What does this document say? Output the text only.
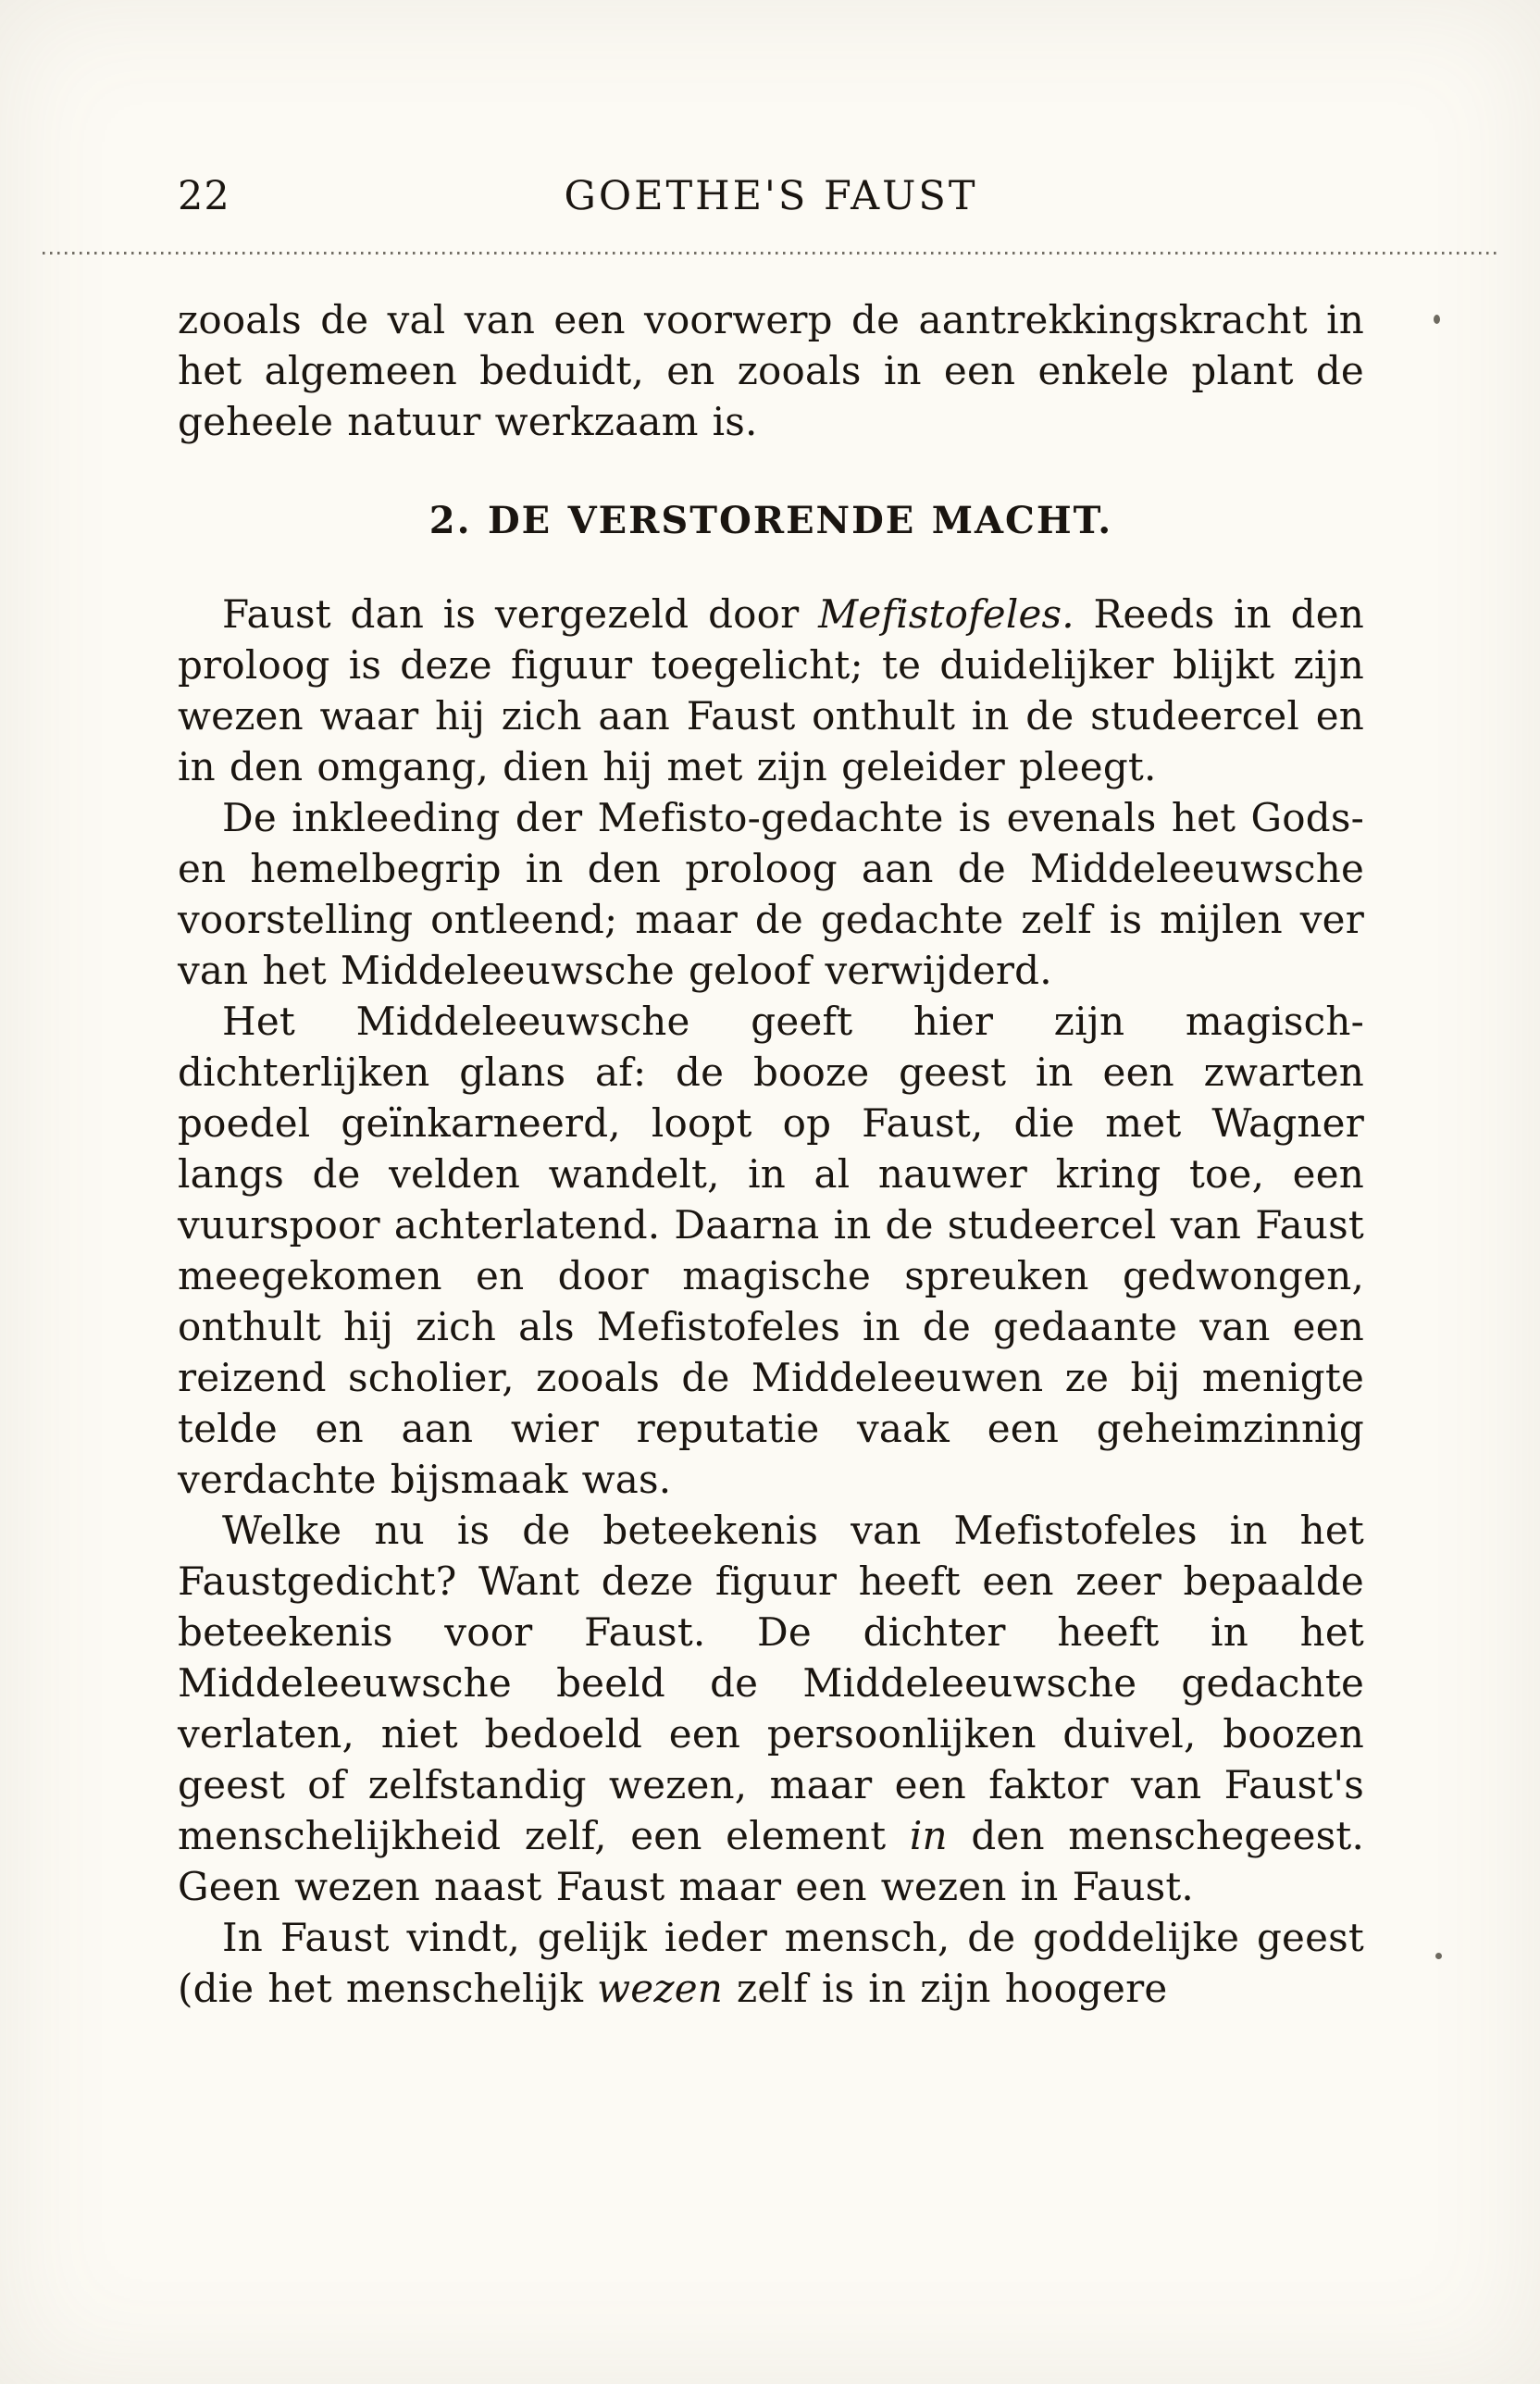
22	GOETHE'S FAUST

zooals de val van een voorwerp de aantrekkingskracht in het algemeen beduidt, en zooals in een enkele plant de geheele natuur werkzaam is.

2. DE VERSTORENDE MACHT.

Faust dan is vergezeld door Mefistofeles. Reeds in den proloog is deze figuur toegelicht; te duidelijker blijkt zijn wezen waar hij zich aan Faust onthult in de studeercel en in den omgang, dien hij met zijn geleider pleegt.

De inkleeding der Mefisto-gedachte is evenals het Gods- en hemelbegrip in den proloog aan de Middeleeuwsche voorstelling ontleend; maar de gedachte zelf is mijlen ver van het Middeleeuwsche geloof verwijderd.

Het Middeleeuwsche geeft hier zijn magisch-dichterlijken glans af: de booze geest in een zwarten poedel geïnkarneerd, loopt op Faust, die met Wagner langs de velden wandelt, in al nauwer kring toe, een vuurspoor achterlatend. Daarna in de studeercel van Faust meegekomen en door magische spreuken gedwongen, onthult hij zich als Mefistofeles in de gedaante van een reizend scholier, zooals de Middeleeuwen ze bij menigte telde en aan wier reputatie vaak een geheimzinnig verdachte bijsmaak was.

Welke nu is de beteekenis van Mefistofeles in het Faustgedicht? Want deze figuur heeft een zeer bepaalde beteekenis voor Faust. De dichter heeft in het Middeleeuwsche beeld de Middeleeuwsche gedachte verlaten, niet bedoeld een persoonlijken duivel, boozen geest of zelfstandig wezen, maar een faktor van Faust's menschelijkheid zelf, een element in den menschegeest. Geen wezen naast Faust maar een wezen in Faust.

In Faust vindt, gelijk ieder mensch, de goddelijke geest (die het menschelijk wezen zelf is in zijn hoogere
